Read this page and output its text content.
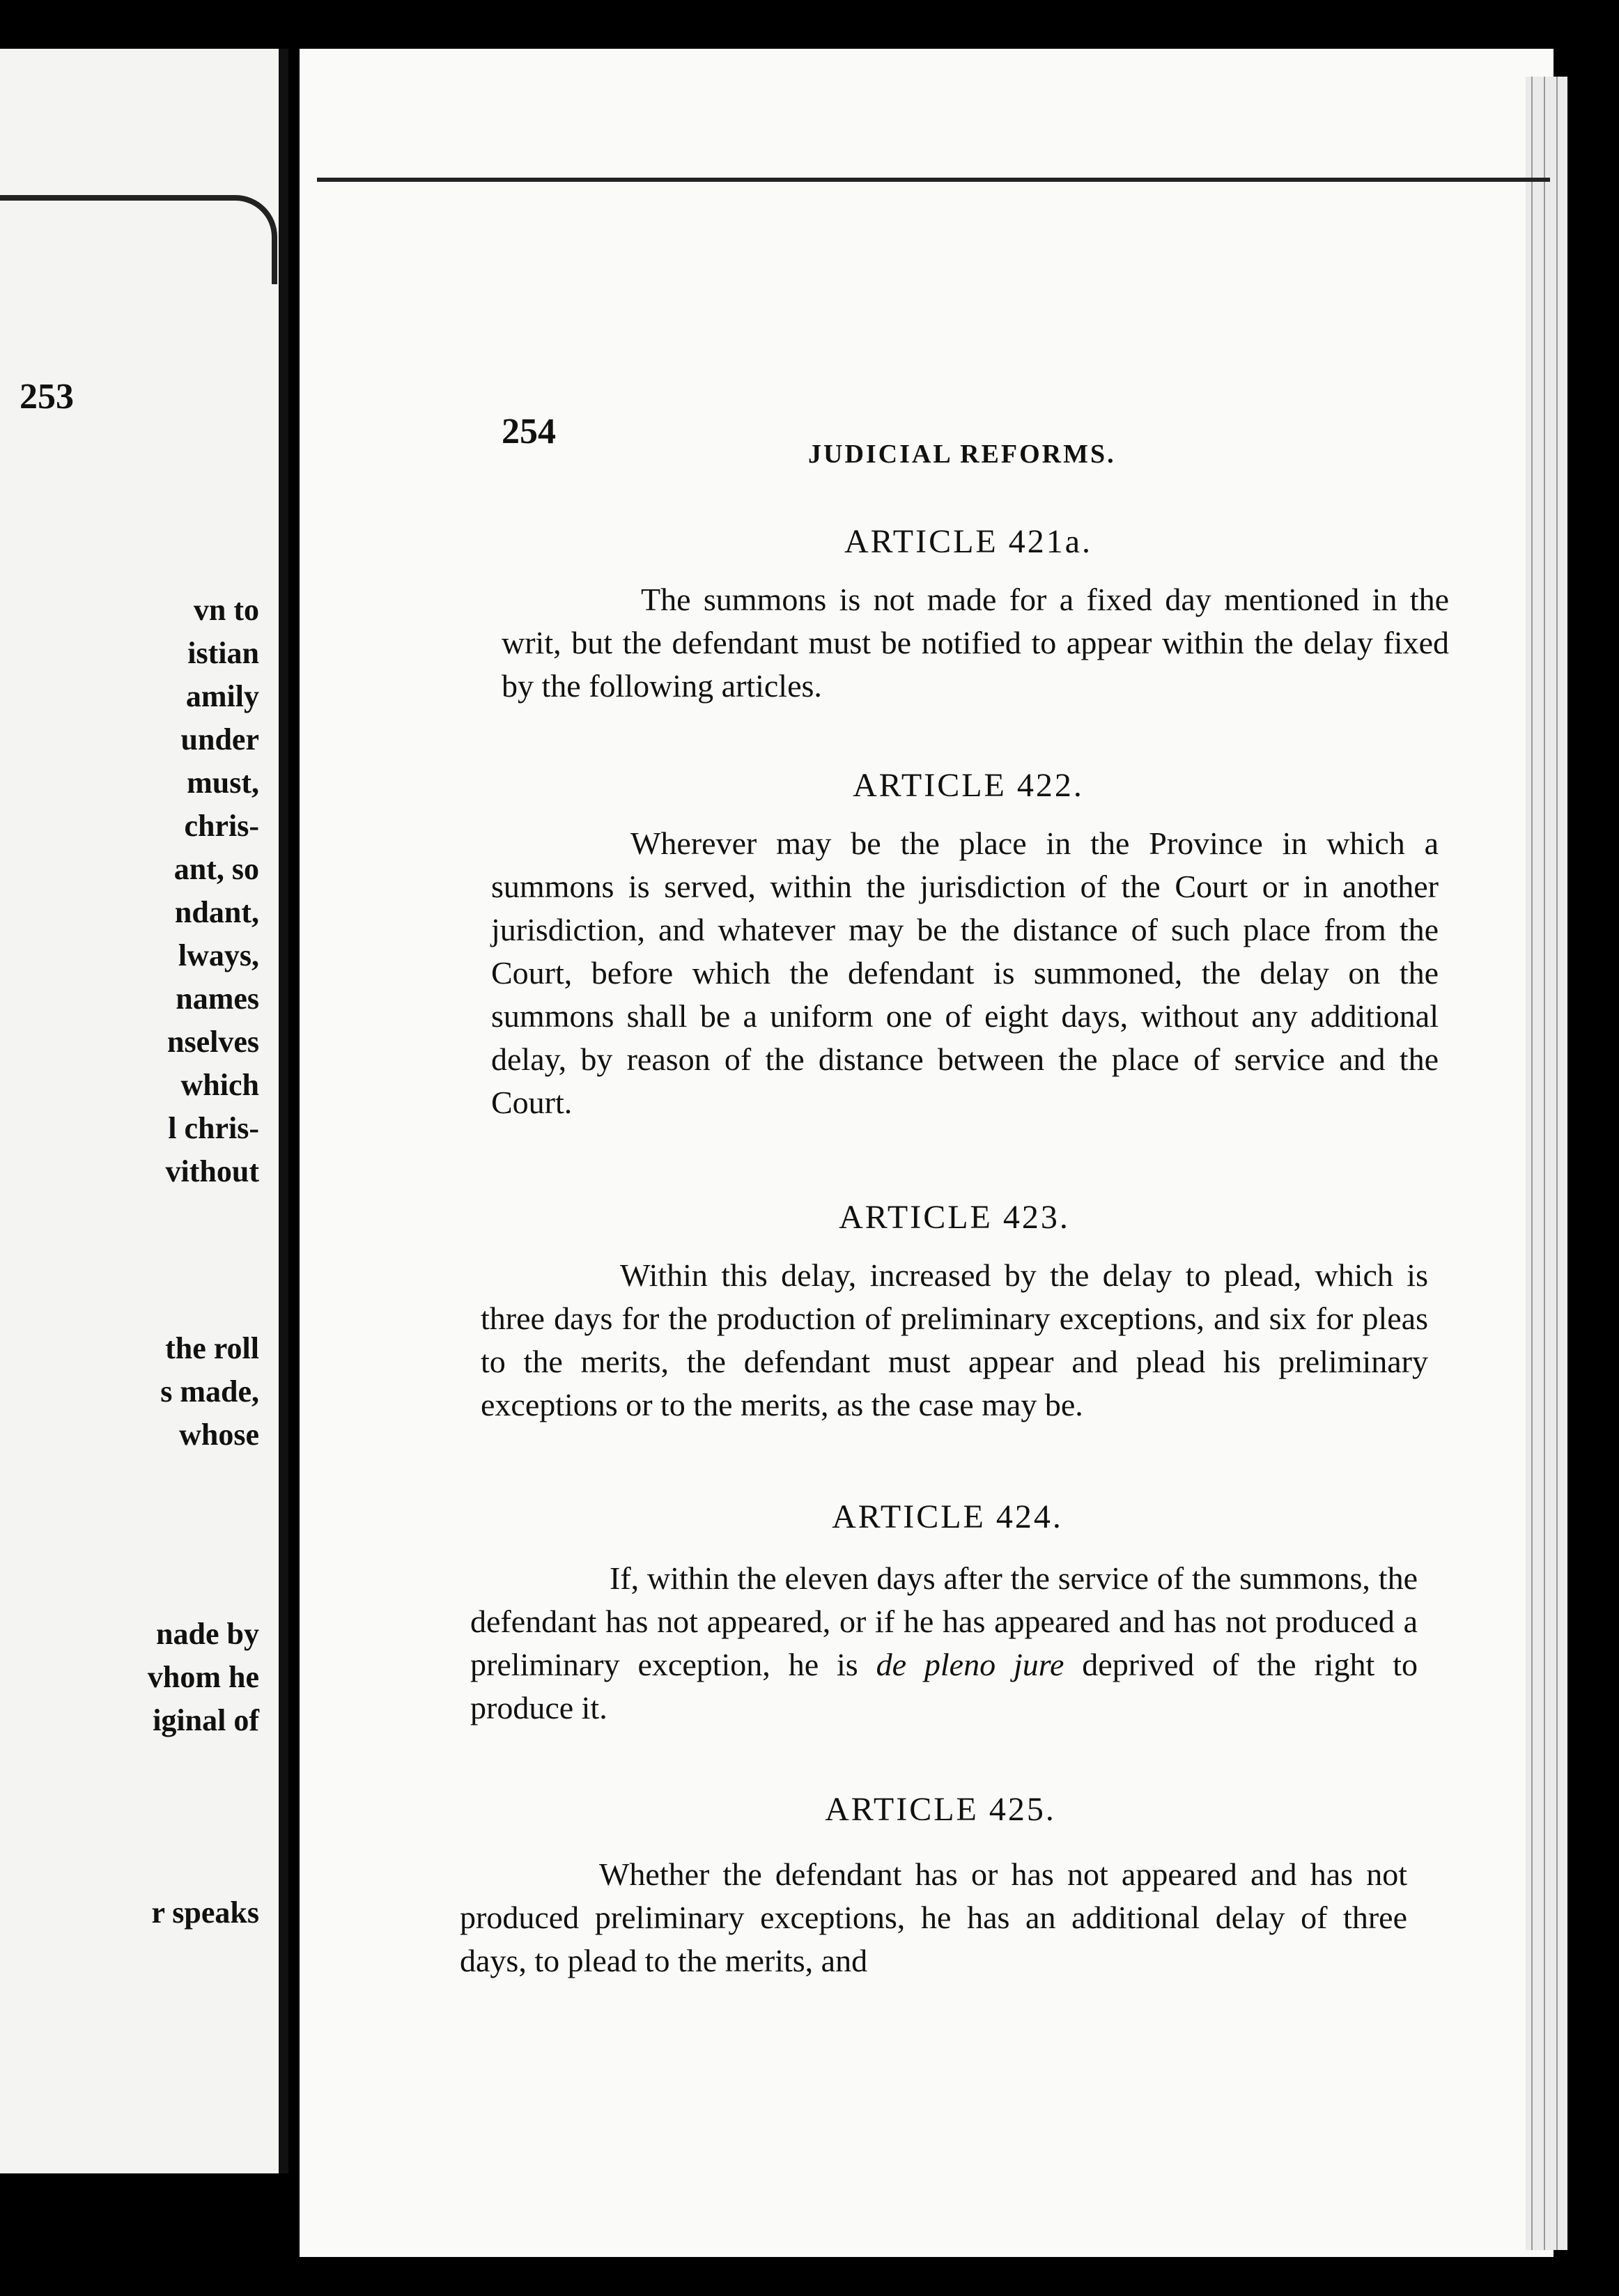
253
vn to
istian
amily
under
must,
chris-
ant, so
ndant,
lways,
names
nselves
which
l chris-
vithout
the roll
s made,
whose
nade by
vhom he
iginal of
r speaks
254
JUDICIAL REFORMS.
ARTICLE 421a.
The summons is not made for a fixed day mentioned in the writ, but the defendant must be notified to appear within the delay fixed by the following articles.
ARTICLE 422.
Wherever may be the place in the Province in which a summons is served, within the jurisdiction of the Court or in another jurisdiction, and whatever may be the distance of such place from the Court, before which the defendant is summoned, the delay on the summons shall be a uniform one of eight days, without any additional delay, by reason of the distance between the place of service and the Court.
ARTICLE 423.
Within this delay, increased by the delay to plead, which is three days for the production of preliminary exceptions, and six for pleas to the merits, the defendant must appear and plead his preliminary exceptions or to the merits, as the case may be.
ARTICLE 424.
If, within the eleven days after the service of the summons, the defendant has not appeared, or if he has appeared and has not produced a preliminary exception, he is de pleno jure deprived of the right to produce it.
ARTICLE 425.
Whether the defendant has or has not appeared and has not produced preliminary exceptions, he has an additional delay of three days, to plead to the merits, and
